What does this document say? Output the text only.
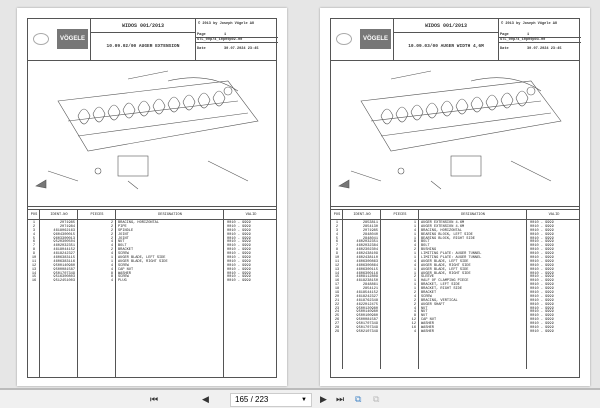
VÖGELE
WIDOS 001/2013	© 2013 by Joseph Vögele AG
10.09.02/00 AUGER EXTENSION
Page	1
STL_09p74_10p09p02-00
Date	30.07.2024 23:45
POS	IDENT-NO	PIECES	DESIGNATION	VALID
1	2071985	2	BRACING, HORIZONTAL	0010 - 9999
2	2071984	2	PIPE	0010 - 9999
3	4618062163	2	SPINDLE	0010 - 9999
4	9604300015	2	JOINT	0010 - 9999
5	9603300013	2	JOINT	0010 - 9999
6	9520300504	4	NUT	0010 - 9999
7	4602032351	4	BOLT	0010 - 9999
8	4618044152	2	BRACKET	0010 - 9999
9	4618242327	4	SCREW	0010 - 9999
10	4606383115	1	AUGER BLADE, LEFT SIDE	0010 - 9999
11	4606383116	1	AUGER BLADE, RIGHT SIDE	0010 - 9999
12	9500140980	4	SCREW	0010 - 9999
13	9500081587	4	CAP NUT	0010 - 9999
14	9501707349	8	WASHER	0010 - 9999
15	9516300803	8	SCREW	0010 - 9999
16	9512451003	4	PLUG	0010 - 9999
VÖGELE
WIDOS 001/2013	© 2013 by Joseph Vögele AG
10.09.03/00 AUGER WIDTH 4,6M
Page	1
STL_09p74_10p09p03-00
Date	30.07.2024 23:45
POS	IDENT-NO	PIECES	DESIGNATION	VALID
1	2853811	1	AUGER EXTENSION 4.6M	0010 - 9999
2	2854130	1	AUGER EXTENSION 4.6M	0010 - 9999
3	2071985	4	BRACING, HORIZONTAL	0010 - 9999
4	2848040	1	BEARING BLOCK, LEFT SIDE	0010 - 9999
5	2848041	1	BEARING BLOCK, RIGHT SIDE	0010 - 9999
6	4602032351	8	BOLT	0010 - 9999
7	4602032384	4	BOLT	0010 - 9999
8	4602302304	2	BUSHING	0010 - 9999
9	4602438109	1	LIMITING PLATE: AUGER TUNNEL	0010 - 9999
10	4602438110	1	LIMITING PLATE: AUGER TUNNEL	0010 - 9999
11	4606300863	4	AUGER BLADE, LEFT SIDE	0010 - 9999
12	4606300864	4	AUGER BLADE, RIGHT SIDE	0010 - 9999
13	4606300115	1	AUGER BLADE, LEFT SIDE	0010 - 9999
14	4606300116	1	AUGER BLADE, RIGHT SIDE	0010 - 9999
15	4608112809	2	SLEEVE	0010 - 9999
16	4618238150	1	HALF OF CLAMPING PIECE	0010 - 9999
17	2848861	1	BRACKET, LEFT SIDE	0010 - 9999
18	2854121	1	BRACKET, RIGHT SIDE	0010 - 9999
19	4618544152	2	BRACKET	0010 - 9999
20	4618242327	4	SCREW	0010 - 9999
21	4618762348	2	BRACING, VERTICAL	0010 - 9999
22	4622012475	2	AUGER SHAFT	0010 - 9999
23	9500120980	4	NUT	0010 - 9999
24	9500140980	4	NUT	0010 - 9999
25	9500100980	8	NUT	0010 - 9999
26	9500081587	12	CAP NUT	0010 - 9999
27	9501707349	12	WASHER	0010 - 9999
28	9501707349	16	WASHER	0010 - 9999
29	9502107349	4	WASHER	0010 - 9999
⏮	◀	165 / 223	▼ ▶ ⏭ ⧉ ⧉
